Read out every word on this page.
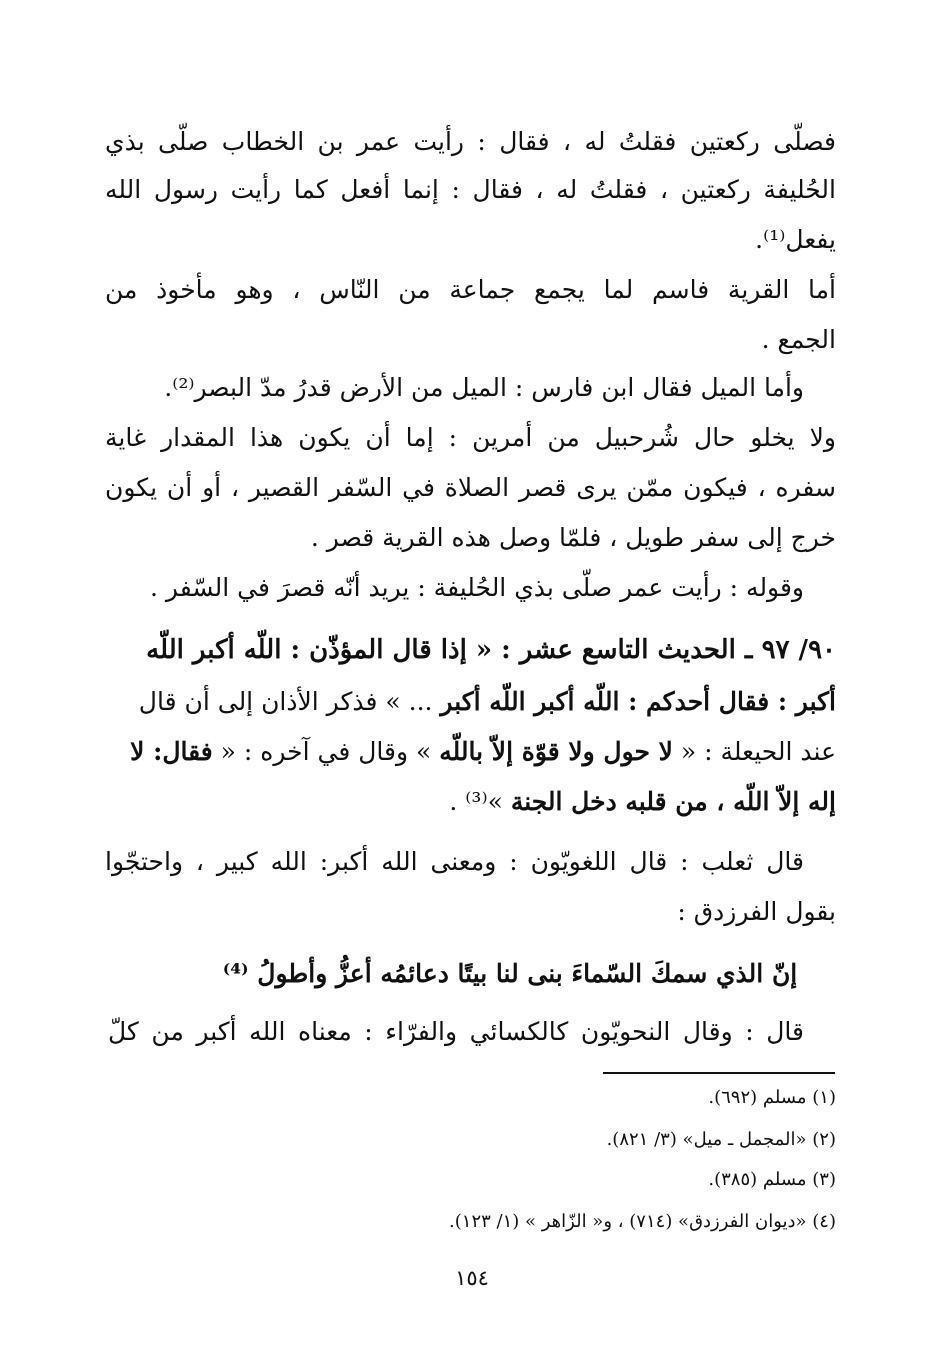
فصلّى ركعتين فقلتُ له ، فقال : رأيت عمر بن الخطاب صلّى بذي
الحُليفة ركعتين ، فقلتُ له ، فقال : إنما أفعل كما رأيت رسول الله
يفعل⁽¹⁾.
أما القرية فاسم لما يجمع جماعة من النّاس ، وهو مأخوذ من
الجمع .
وأما الميل فقال ابن فارس : الميل من الأرض قدرُ مدّ البصر⁽²⁾.
ولا يخلو حال شُرحبيل من أمرين : إما أن يكون هذا المقدار غاية
سفره ، فيكون ممّن يرى قصر الصلاة في السّفر القصير ، أو أن يكون
خرج إلى سفر طويل ، فلمّا وصل هذه القرية قصر .
وقوله : رأيت عمر صلّى بذي الحُليفة : يريد أنّه قصرَ في السّفر .
٩٠/ ٩٧ ـ الحديث التاسع عشر : « إذا قال المؤذّن : اللّه أكبر اللّه
أكبر : فقال أحدكم : اللّه أكبر اللّه أكبر ... » فذكر الأذان إلى أن قال
عند الحيعلة : « لا حول ولا قوّة إلاّ باللّه » وقال في آخره : « فقال: لا
إله إلاّ اللّه ، من قلبه دخل الجنة »⁽³⁾ .
قال ثعلب : قال اللغويّون : ومعنى الله أكبر: الله كبير ، واحتجّوا
بقول الفرزدق :
إنّ الذي سمكَ السّماءَ بنى لنا بيتًا دعائمُه أعزُّ وأطولُ ⁽⁴⁾
قال : وقال النحويّون كالكسائي والفرّاء : معناه الله أكبر من كلّ
(١) مسلم (٦٩٢).
(٢) «المجمل ـ ميل» (٣/ ٨٢١).
(٣) مسلم (٣٨٥).
(٤) «ديوان الفرزدق» (٧١٤) ، و« الزّاهر » (١/ ١٢٣).
١٥٤
